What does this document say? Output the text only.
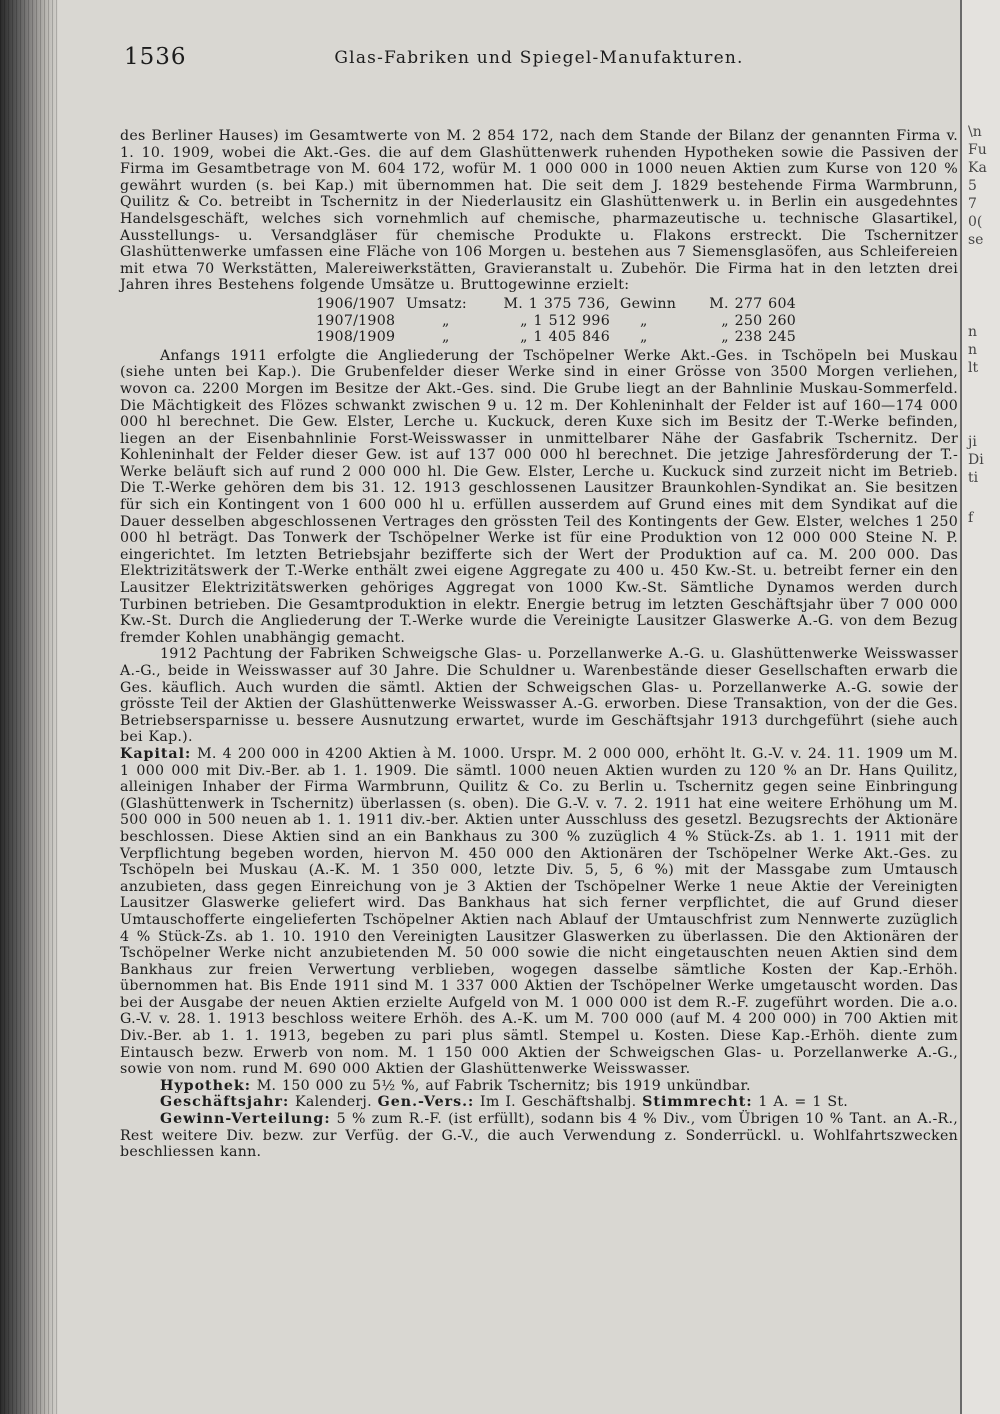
\n
Fu
Ka
5
7
0(
se
n
n
lt
ji
Di
ti
f
1536	Glas-Fabriken und Spiegel-Manufakturen.

des Berliner Hauses) im Gesamtwerte von M. 2 854 172, nach dem Stande der Bilanz der genannten Firma v. 1. 10. 1909, wobei die Akt.-Ges. die auf dem Glashüttenwerk ruhenden Hypotheken sowie die Passiven der Firma im Gesamtbetrage von M. 604 172, wofür M. 1 000 000 in 1000 neuen Aktien zum Kurse von 120 % gewährt wurden (s. bei Kap.) mit übernommen hat. Die seit dem J. 1829 bestehende Firma Warmbrunn, Quilitz & Co. betreibt in Tschernitz in der Niederlausitz ein Glashüttenwerk u. in Berlin ein ausgedehntes Handelsgeschäft, welches sich vornehmlich auf chemische, pharmazeutische u. technische Glasartikel, Ausstellungs- u. Versandgläser für chemische Produkte u. Flakons erstreckt. Die Tschernitzer Glashüttenwerke umfassen eine Fläche von 106 Morgen u. bestehen aus 7 Siemensglasöfen, aus Schleifereien mit etwa 70 Werkstätten, Malereiwerkstätten, Gravieranstalt u. Zubehör. Die Firma hat in den letzten drei Jahren ihres Bestehens folgende Umsätze u. Bruttogewinne erzielt:

1906/1907	Umsatz:	M. 1 375 736,	Gewinn	M. 277 604
1907/1908	„	„ 1 512 996	„	„ 250 260
1908/1909	„	„ 1 405 846	„	„ 238 245

Anfangs 1911 erfolgte die Angliederung der Tschöpelner Werke Akt.-Ges. in Tschöpeln bei Muskau (siehe unten bei Kap.). Die Grubenfelder dieser Werke sind in einer Grösse von 3500 Morgen verliehen, wovon ca. 2200 Morgen im Besitze der Akt.-Ges. sind. Die Grube liegt an der Bahnlinie Muskau-Sommerfeld. Die Mächtigkeit des Flözes schwankt zwischen 9 u. 12 m. Der Kohleninhalt der Felder ist auf 160—174 000 000 hl berechnet. Die Gew. Elster, Lerche u. Kuckuck, deren Kuxe sich im Besitz der T.-Werke befinden, liegen an der Eisenbahnlinie Forst-Weisswasser in unmittelbarer Nähe der Gasfabrik Tschernitz. Der Kohleninhalt der Felder dieser Gew. ist auf 137 000 000 hl berechnet. Die jetzige Jahresförderung der T.-Werke beläuft sich auf rund 2 000 000 hl. Die Gew. Elster, Lerche u. Kuckuck sind zurzeit nicht im Betrieb. Die T.-Werke gehören dem bis 31. 12. 1913 geschlossenen Lausitzer Braunkohlen-Syndikat an. Sie besitzen für sich ein Kontingent von 1 600 000 hl u. erfüllen ausserdem auf Grund eines mit dem Syndikat auf die Dauer desselben abgeschlossenen Vertrages den grössten Teil des Kontingents der Gew. Elster, welches 1 250 000 hl beträgt. Das Tonwerk der Tschöpelner Werke ist für eine Produktion von 12 000 000 Steine N. P. eingerichtet. Im letzten Betriebsjahr bezifferte sich der Wert der Produktion auf ca. M. 200 000. Das Elektrizitätswerk der T.-Werke enthält zwei eigene Aggregate zu 400 u. 450 Kw.-St. u. betreibt ferner ein den Lausitzer Elektrizitätswerken gehöriges Aggregat von 1000 Kw.-St. Sämtliche Dynamos werden durch Turbinen betrieben. Die Gesamtproduktion in elektr. Energie betrug im letzten Geschäftsjahr über 7 000 000 Kw.-St. Durch die Angliederung der T.-Werke wurde die Vereinigte Lausitzer Glaswerke A.-G. von dem Bezug fremder Kohlen unabhängig gemacht.

1912 Pachtung der Fabriken Schweigsche Glas- u. Porzellanwerke A.-G. u. Glashüttenwerke Weisswasser A.-G., beide in Weisswasser auf 30 Jahre. Die Schuldner u. Warenbestände dieser Gesellschaften erwarb die Ges. käuflich. Auch wurden die sämtl. Aktien der Schweigschen Glas- u. Porzellanwerke A.-G. sowie der grösste Teil der Aktien der Glashüttenwerke Weisswasser A.-G. erworben. Diese Transaktion, von der die Ges. Betriebsersparnisse u. bessere Ausnutzung erwartet, wurde im Geschäftsjahr 1913 durchgeführt (siehe auch bei Kap.).

Kapital: M. 4 200 000 in 4200 Aktien à M. 1000. Urspr. M. 2 000 000, erhöht lt. G.-V. v. 24. 11. 1909 um M. 1 000 000 mit Div.-Ber. ab 1. 1. 1909. Die sämtl. 1000 neuen Aktien wurden zu 120 % an Dr. Hans Quilitz, alleinigen Inhaber der Firma Warmbrunn, Quilitz & Co. zu Berlin u. Tschernitz gegen seine Einbringung (Glashüttenwerk in Tschernitz) überlassen (s. oben). Die G.-V. v. 7. 2. 1911 hat eine weitere Erhöhung um M. 500 000 in 500 neuen ab 1. 1. 1911 div.-ber. Aktien unter Ausschluss des gesetzl. Bezugsrechts der Aktionäre beschlossen. Diese Aktien sind an ein Bankhaus zu 300 % zuzüglich 4 % Stück-Zs. ab 1. 1. 1911 mit der Verpflichtung begeben worden, hiervon M. 450 000 den Aktionären der Tschöpelner Werke Akt.-Ges. zu Tschöpeln bei Muskau (A.-K. M. 1 350 000, letzte Div. 5, 5, 6 %) mit der Massgabe zum Umtausch anzubieten, dass gegen Einreichung von je 3 Aktien der Tschöpelner Werke 1 neue Aktie der Vereinigten Lausitzer Glaswerke geliefert wird. Das Bankhaus hat sich ferner verpflichtet, die auf Grund dieser Umtauschofferte eingelieferten Tschöpelner Aktien nach Ablauf der Umtauschfrist zum Nennwerte zuzüglich 4 % Stück-Zs. ab 1. 10. 1910 den Vereinigten Lausitzer Glaswerken zu überlassen. Die den Aktionären der Tschöpelner Werke nicht anzubietenden M. 50 000 sowie die nicht eingetauschten neuen Aktien sind dem Bankhaus zur freien Verwertung verblieben, wogegen dasselbe sämtliche Kosten der Kap.-Erhöh. übernommen hat. Bis Ende 1911 sind M. 1 337 000 Aktien der Tschöpelner Werke umgetauscht worden. Das bei der Ausgabe der neuen Aktien erzielte Aufgeld von M. 1 000 000 ist dem R.-F. zugeführt worden. Die a.o. G.-V. v. 28. 1. 1913 beschloss weitere Erhöh. des A.-K. um M. 700 000 (auf M. 4 200 000) in 700 Aktien mit Div.-Ber. ab 1. 1. 1913, begeben zu pari plus sämtl. Stempel u. Kosten. Diese Kap.-Erhöh. diente zum Eintausch bezw. Erwerb von nom. M. 1 150 000 Aktien der Schweigschen Glas- u. Porzellanwerke A.-G., sowie von nom. rund M. 690 000 Aktien der Glashüttenwerke Weisswasser.

Hypothek: M. 150 000 zu 5½ %, auf Fabrik Tschernitz; bis 1919 unkündbar.

Geschäftsjahr: Kalenderj. Gen.-Vers.: Im I. Geschäftshalbj. Stimmrecht: 1 A. = 1 St.

Gewinn-Verteilung: 5 % zum R.-F. (ist erfüllt), sodann bis 4 % Div., vom Übrigen 10 % Tant. an A.-R., Rest weitere Div. bezw. zur Verfüg. der G.-V., die auch Verwendung z. Sonderrückl. u. Wohlfahrtszwecken beschliessen kann.
